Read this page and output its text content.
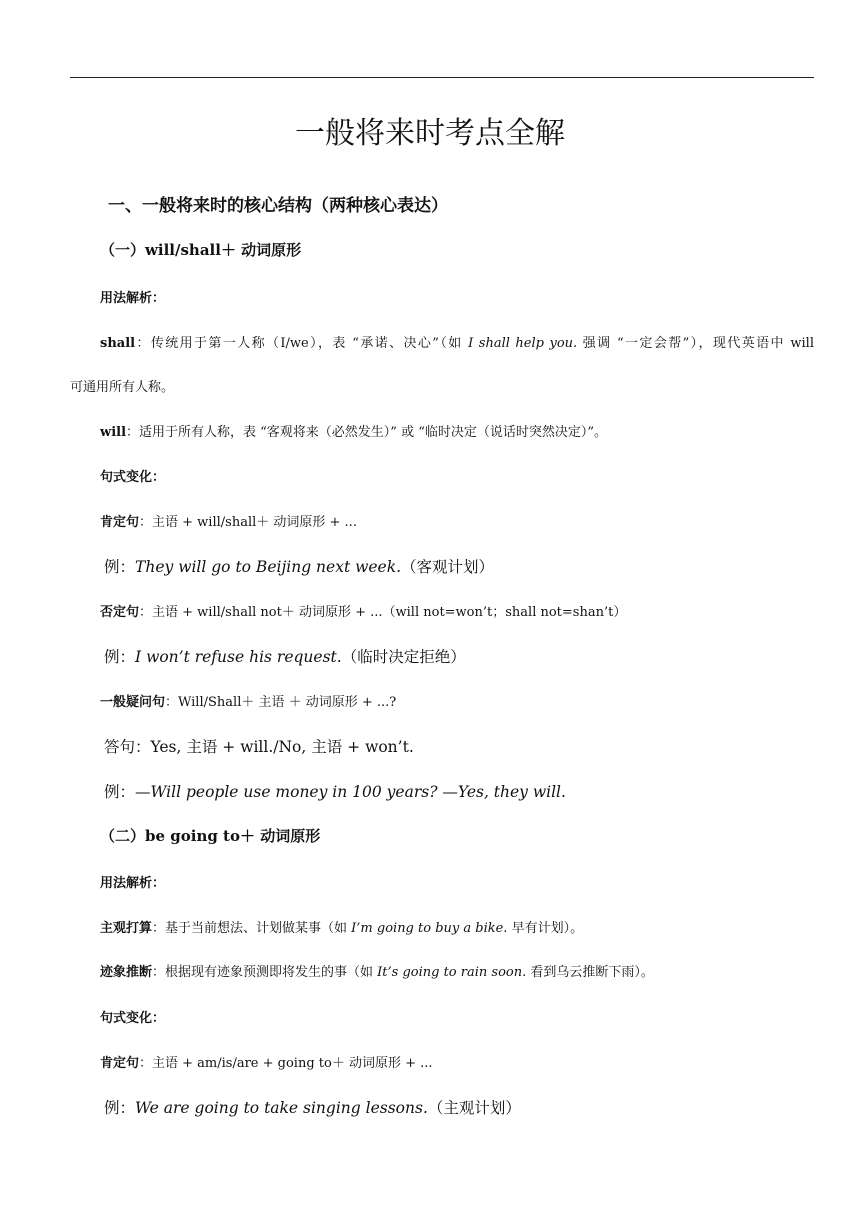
一般将来时考点全解
一、一般将来时的核心结构（两种核心表达）
（一）will/shall＋ 动词原形
用法解析：
shall：传统用于第一人称（I/we），表 “承诺、决心”（如 I shall help you. 强调 “一定会帮”），现代英语中 will
可通用所有人称。
will：适用于所有人称，表 “客观将来（必然发生）” 或 “临时决定（说话时突然决定）”。
句式变化：
肯定句：主语 + will/shall＋ 动词原形 + ...
例：They will go to Beijing next week.（客观计划）
否定句：主语 + will/shall not＋ 动词原形 + ...（will not=won’t；shall not=shan’t）
例：I won’t refuse his request.（临时决定拒绝）
一般疑问句：Will/Shall＋ 主语 ＋ 动词原形 + ...?
答句：Yes, 主语 + will./No, 主语 + won’t.
例：—Will people use money in 100 years? —Yes, they will.
（二）be going to＋ 动词原形
用法解析：
主观打算：基于当前想法、计划做某事（如 I’m going to buy a bike. 早有计划）。
迹象推断：根据现有迹象预测即将发生的事（如 It’s going to rain soon. 看到乌云推断下雨）。
句式变化：
肯定句：主语 + am/is/are + going to＋ 动词原形 + ...
例：We are going to take singing lessons.（主观计划）
